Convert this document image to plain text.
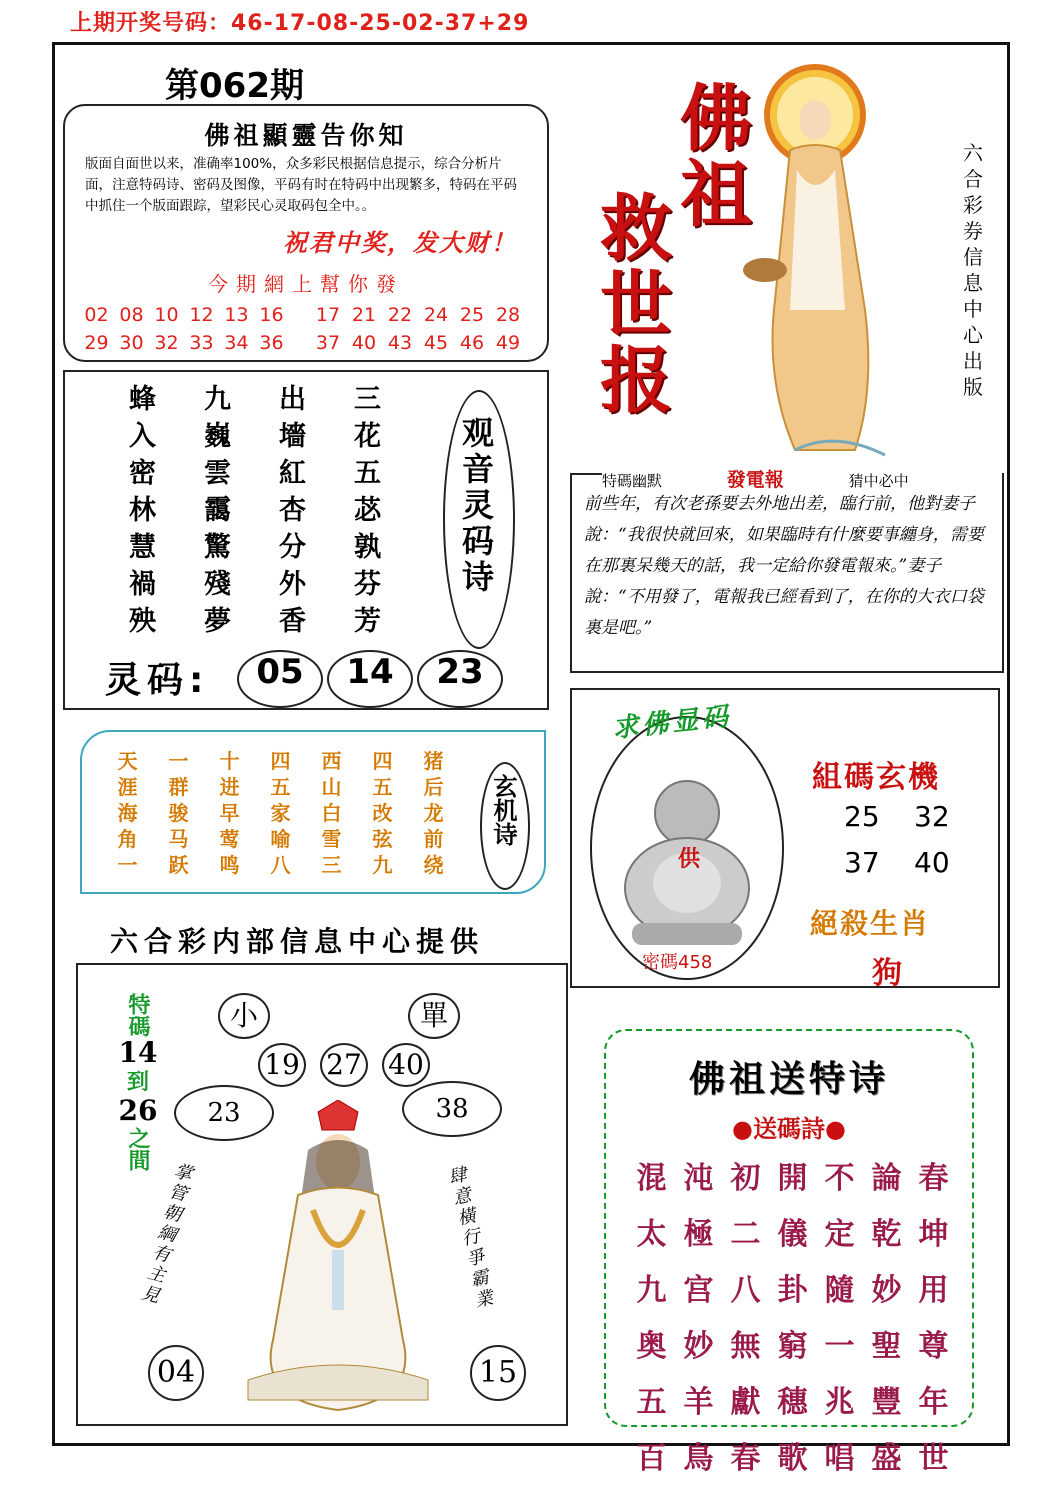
上期开奖号码：46-17-08-25-02-37+29
第062期
佛祖顯靈告你知
版面自面世以来，准确率100%，众多彩民根据信息提示，综合分析片面，注意特码诗、密码及图像，平码有时在特码中出现繁多，特码在平码中抓住一个版面跟踪，望彩民心灵取码包全中。。
祝君中奖，发大财！
今期網上幫你發
02 08 10 12 13 16	17 21 22 24 25 28
29 30 32 33 34 36	37 40 43 45 46 49
佛祖
救世报
六合彩券信息中心出版
蜂	九	出	三
入	巍	墻	花
密	雲	紅	五
林	靄	杏	苾
慧	驚	分	孰
禍	殘	外	芬
殃	夢	香	芳
观音灵码诗
灵码:	05	14	23
特碼幽默	發電報	猜中必中
前些年，有次老孫要去外地出差，臨行前，他對妻子說：“我很快就回來，如果臨時有什麼要事纏身，需要在那裏呆幾天的話，我一定給你發電報來。”妻子說：“不用發了，電報我已經看到了，在你的大衣口袋裏是吧。”
天	一	十	四	西	四	猪
涯	群	进	五	山	五	后
海	骏	早	家	白	改	龙
角	马	莺	喻	雪	弦	前
一	跃	鸣	八	三	九	绕
玄机诗
六合彩内部信息中心提供
求佛显码
供
密碼458
組碼玄機
25 32
37 40
絕殺生肖
狗
小	單
19 27 40
23	38
04	15
特碼
14
到
26
之間
掌管朝綱有主見	肆意橫行爭霸業
佛祖送特诗
●送碼詩●
混 沌 初 開 不 論 春
太 極 二 儀 定 乾 坤
九 宫 八 卦 隨 妙 用
奥 妙 無 窮 一 聖 尊
五 羊 獻 穗 兆 豐 年
百 鳥 春 歌 唱 盛 世
